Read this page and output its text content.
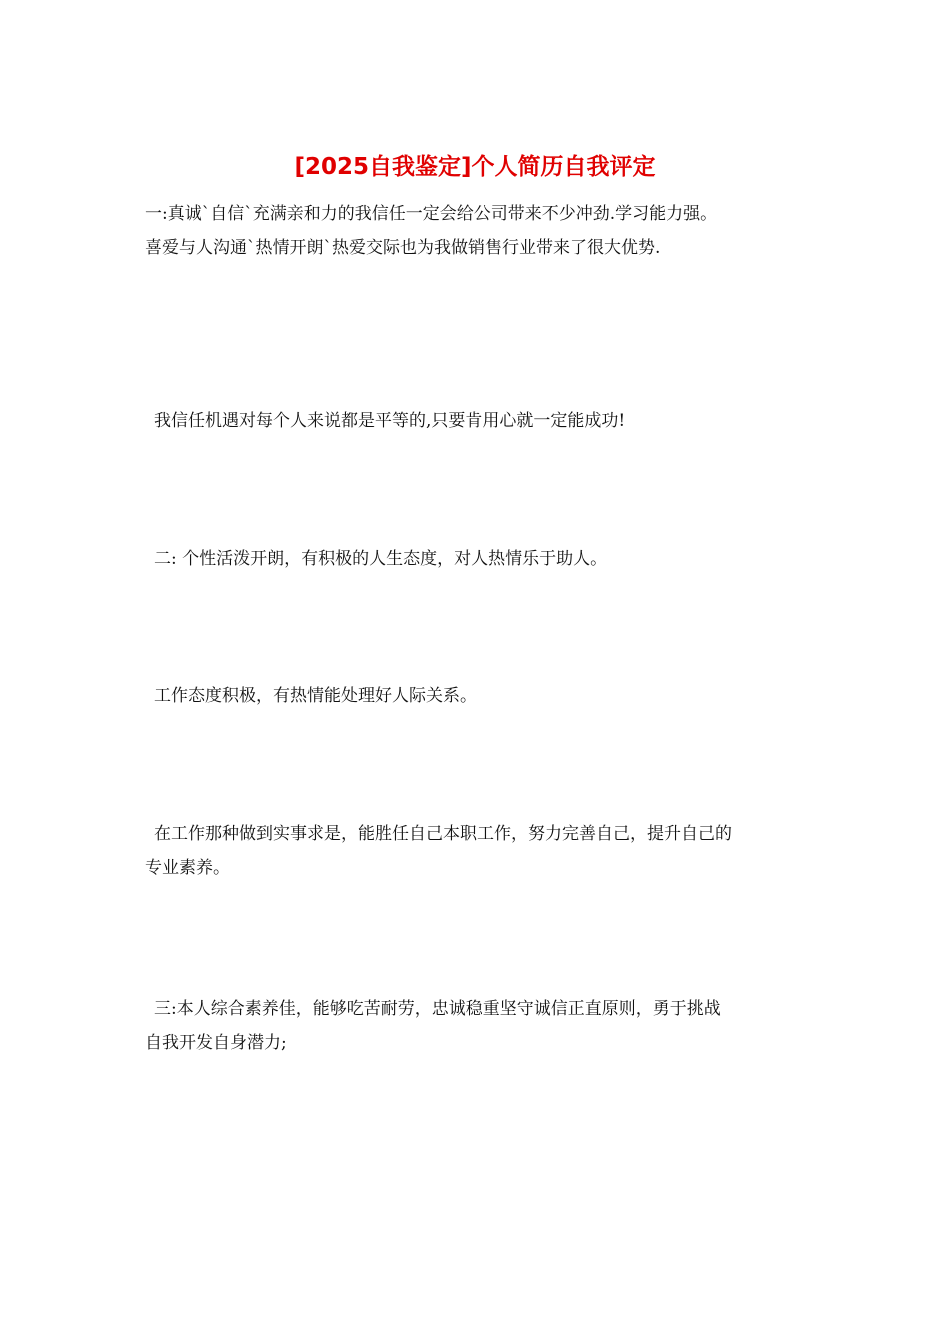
[2025自我鉴定]个人简历自我评定

一:真诚`自信`充满亲和力的我信任一定会给公司带来不少冲劲.学习能力强。
喜爱与人沟通`热情开朗`热爱交际也为我做销售行业带来了很大优势.

我信任机遇对每个人来说都是平等的,只要肯用心就一定能成功!

二: 个性活泼开朗，有积极的人生态度，对人热情乐于助人。

工作态度积极，有热情能处理好人际关系。

在工作那种做到实事求是，能胜任自己本职工作，努力完善自己，提升自己的
专业素养。

三:本人综合素养佳，能够吃苦耐劳，忠诚稳重坚守诚信正直原则，勇于挑战
自我开发自身潜力;
